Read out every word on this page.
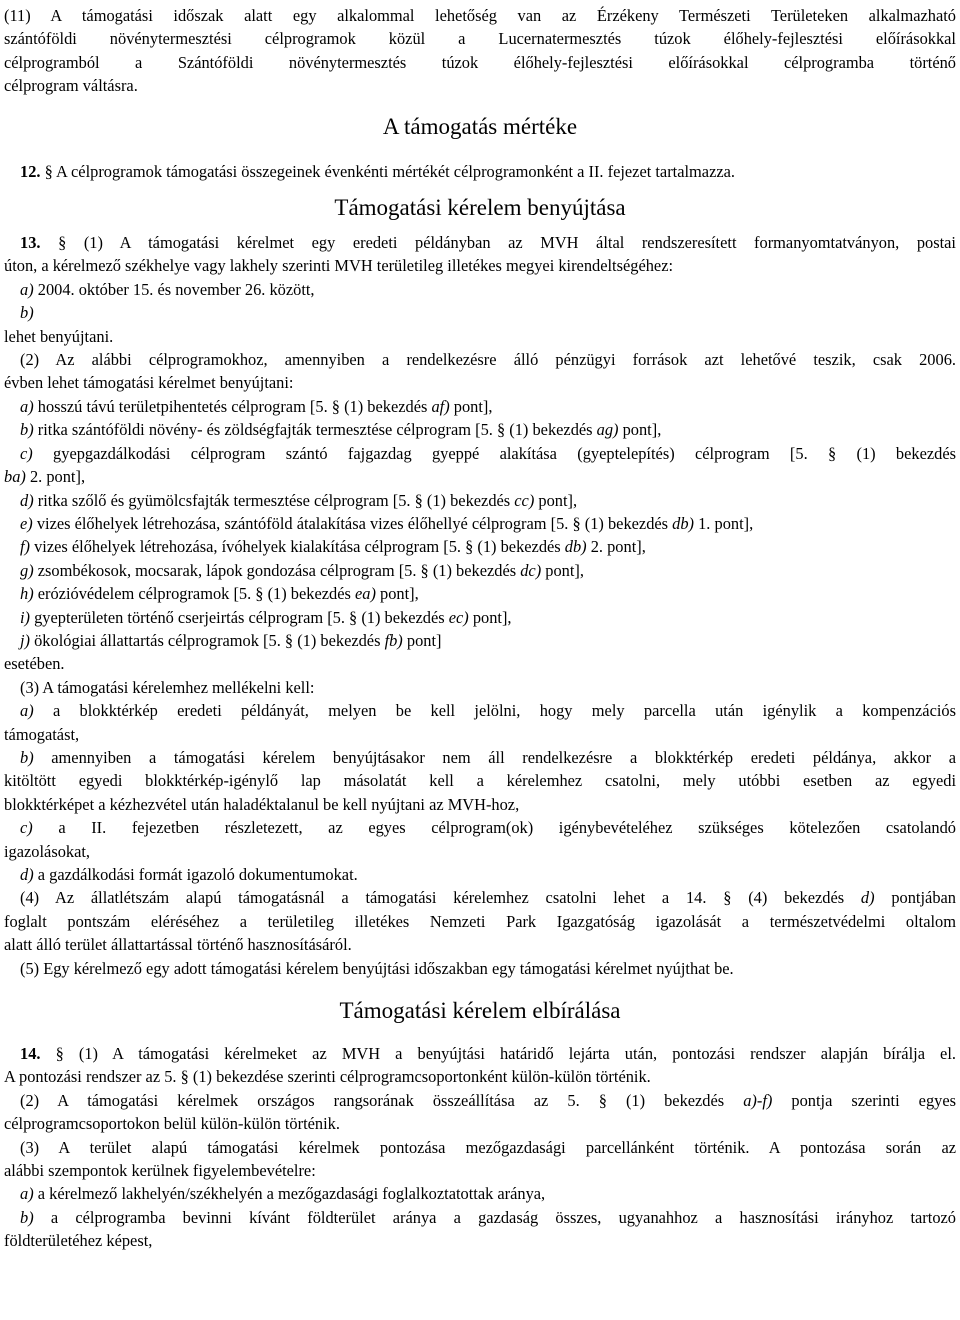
(11) A támogatási időszak alatt egy alkalommal lehetőség van az Érzékeny Természeti Területeken alkalmazható

szántóföldi növénytermesztési célprogramok közül a Lucernatermesztés túzok élőhely-fejlesztési előírásokkal

célprogramból a Szántóföldi növénytermesztés túzok élőhely-fejlesztési előírásokkal célprogramba történő

célprogram váltásra.

A támogatás mértéke

12. § A célprogramok támogatási összegeinek évenkénti mértékét célprogramonként a II. fejezet tartalmazza.

Támogatási kérelem benyújtása

13. § (1) A támogatási kérelmet egy eredeti példányban az MVH által rendszeresített formanyomtatványon, postai

úton, a kérelmező székhelye vagy lakhely szerinti MVH területileg illetékes megyei kirendeltségéhez:

a) 2004. október 15. és november 26. között,

b)

lehet benyújtani.

(2) Az alábbi célprogramokhoz, amennyiben a rendelkezésre álló pénzügyi források azt lehetővé teszik, csak 2006.

évben lehet támogatási kérelmet benyújtani:

a) hosszú távú területpihentetés célprogram [5. § (1) bekezdés af) pont],

b) ritka szántóföldi növény- és zöldségfajták termesztése célprogram [5. § (1) bekezdés ag) pont],

c) gyepgazdálkodási célprogram szántó fajgazdag gyeppé alakítása (gyeptelepítés) célprogram [5. § (1) bekezdés

ba) 2. pont],

d) ritka szőlő és gyümölcsfajták termesztése célprogram [5. § (1) bekezdés cc) pont],

e) vizes élőhelyek létrehozása, szántóföld átalakítása vizes élőhellyé célprogram [5. § (1) bekezdés db) 1. pont],

f) vizes élőhelyek létrehozása, ívóhelyek kialakítása célprogram [5. § (1) bekezdés db) 2. pont],

g) zsombékosok, mocsarak, lápok gondozása célprogram [5. § (1) bekezdés dc) pont],

h) erózióvédelem célprogramok [5. § (1) bekezdés ea) pont],

i) gyepterületen történő cserjeirtás célprogram [5. § (1) bekezdés ec) pont],

j) ökológiai állattartás célprogramok [5. § (1) bekezdés fb) pont]

esetében.

(3) A támogatási kérelemhez mellékelni kell:

a) a blokktérkép eredeti példányát, melyen be kell jelölni, hogy mely parcella után igénylik a kompenzációs

támogatást,

b) amennyiben a támogatási kérelem benyújtásakor nem áll rendelkezésre a blokktérkép eredeti példánya, akkor a

kitöltött egyedi blokktérkép-igénylő lap másolatát kell a kérelemhez csatolni, mely utóbbi esetben az egyedi

blokktérképet a kézhezvétel után haladéktalanul be kell nyújtani az MVH-hoz,

c) a II. fejezetben részletezett, az egyes célprogram(ok) igénybevételéhez szükséges kötelezően csatolandó

igazolásokat,

d) a gazdálkodási formát igazoló dokumentumokat.

(4) Az állatlétszám alapú támogatásnál a támogatási kérelemhez csatolni lehet a 14. § (4) bekezdés d) pontjában

foglalt pontszám eléréséhez a területileg illetékes Nemzeti Park Igazgatóság igazolását a természetvédelmi oltalom

alatt álló terület állattartással történő hasznosításáról.

(5) Egy kérelmező egy adott támogatási kérelem benyújtási időszakban egy támogatási kérelmet nyújthat be.

Támogatási kérelem elbírálása

14. § (1) A támogatási kérelmeket az MVH a benyújtási határidő lejárta után, pontozási rendszer alapján bírálja el.

A pontozási rendszer az 5. § (1) bekezdése szerinti célprogramcsoportonként külön-külön történik.

(2) A támogatási kérelmek országos rangsorának összeállítása az 5. § (1) bekezdés a)-f) pontja szerinti egyes

célprogramcsoportokon belül külön-külön történik.

(3) A terület alapú támogatási kérelmek pontozása mezőgazdasági parcellánként történik. A pontozása során az

alábbi szempontok kerülnek figyelembevételre:

a) a kérelmező lakhelyén/székhelyén a mezőgazdasági foglalkoztatottak aránya,

b) a célprogramba bevinni kívánt földterület aránya a gazdaság összes, ugyanahhoz a hasznosítási irányhoz tartozó

földterületéhez képest,
